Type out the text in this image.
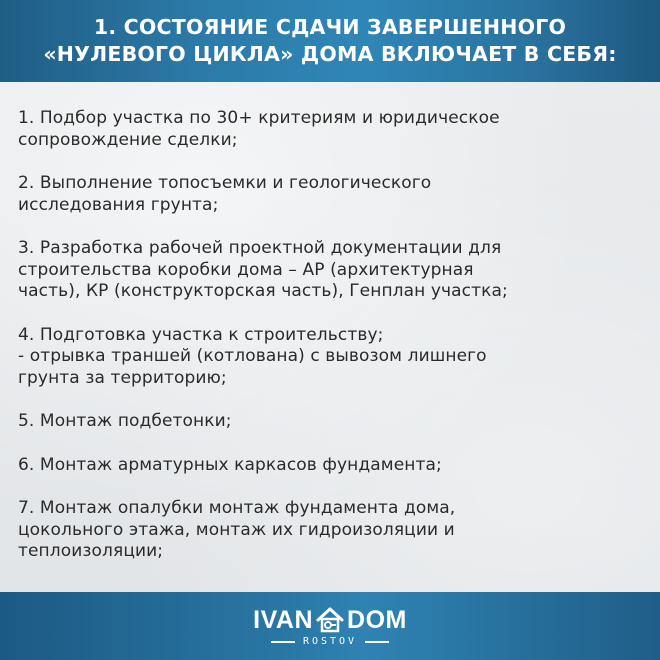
1. СОСТОЯНИЕ СДАЧИ ЗАВЕРШЕННОГО
«НУЛЕВОГО ЦИКЛА» ДОМА ВКЛЮЧАЕТ В СЕБЯ:
1. Подбор участка по 30+ критериям и юридическое
сопровождение сделки;
2. Выполнение топосъемки и геологического
исследования грунта;
3. Разработка рабочей проектной документации для
строительства коробки дома – АР (архитектурная
часть), КР (конструкторская часть), Генплан участка;
4. Подготовка участка к строительству;
- отрывка траншей (котлована) с вывозом лишнего
грунта за территорию;
5. Монтаж подбетонки;
6. Монтаж арматурных каркасов фундамента;
7. Монтаж опалубки монтаж фундамента дома,
цокольного этажа, монтаж их гидроизоляции и
теплоизоляции;
IVAN DOM
ROSTOV
